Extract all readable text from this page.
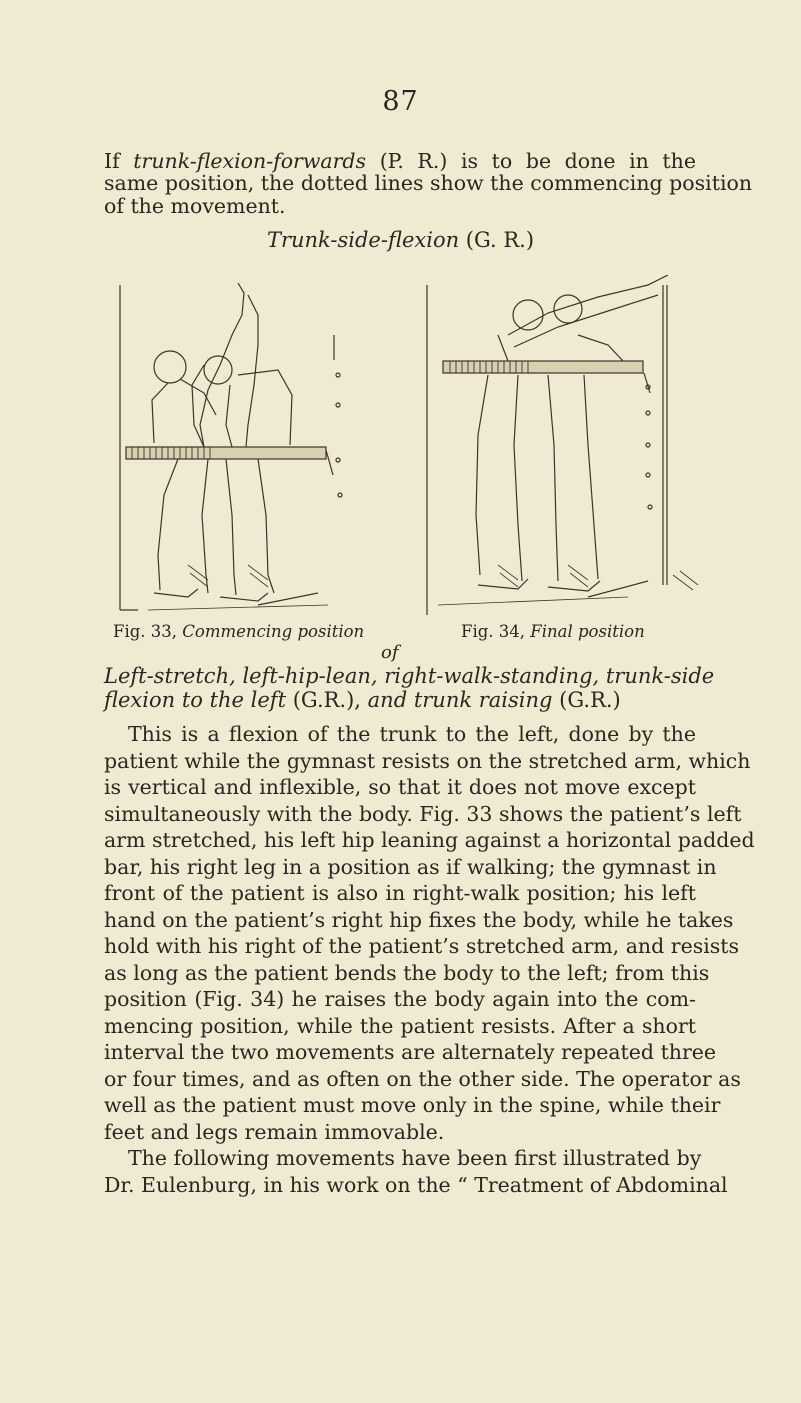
87
If trunk-flexion-forwards (P. R.) is to be done in the
same position, the dotted lines show the commencing position
of the movement.
Trunk-side-flexion (G. R.)
Fig. 33, Commencing position	Fig. 34, Final position
of
Left-stretch, left-hip-lean, right-walk-standing, trunk-side
flexion to the left (G.R.), and trunk raising (G.R.)
This is a flexion of the trunk to the left, done by the
patient while the gymnast resists on the stretched arm, which
is vertical and inflexible, so that it does not move except
simultaneously with the body. Fig. 33 shows the patient’s left
arm stretched, his left hip leaning against a horizontal padded
bar, his right leg in a position as if walking; the gymnast in
front of the patient is also in right-walk position; his left
hand on the patient’s right hip fixes the body, while he takes
hold with his right of the patient’s stretched arm, and resists
as long as the patient bends the body to the left; from this
position (Fig. 34) he raises the body again into the com-
mencing position, while the patient resists. After a short
interval the two movements are alternately repeated three
or four times, and as often on the other side. The operator as
well as the patient must move only in the spine, while their
feet and legs remain immovable.
The following movements have been first illustrated by
Dr. Eulenburg, in his work on the “ Treatment of Abdominal
